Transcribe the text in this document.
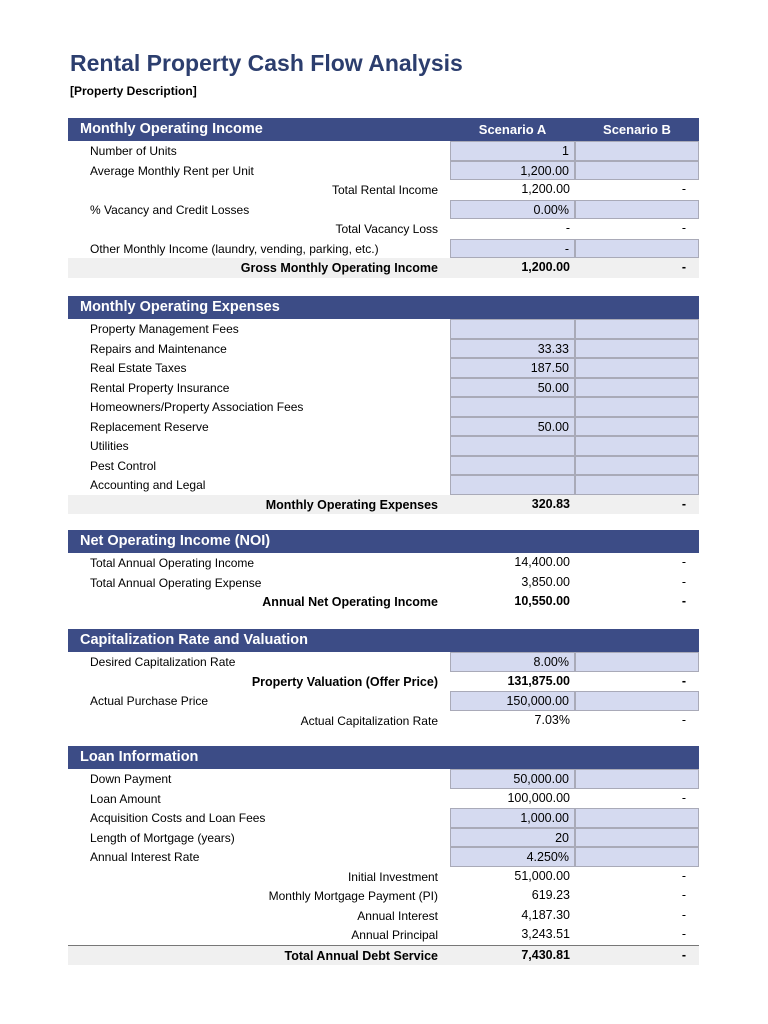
Rental Property Cash Flow Analysis
[Property Description]
Monthly Operating Income	Scenario A	Scenario B
Number of Units	1
Average Monthly Rent per Unit	1,200.00
Total Rental Income	1,200.00	-
% Vacancy and Credit Losses	0.00%
Total Vacancy Loss	-	-
Other Monthly Income (laundry, vending, parking, etc.)	-
Gross Monthly Operating Income	1,200.00	-
Monthly Operating Expenses
Property Management Fees
Repairs and Maintenance	33.33
Real Estate Taxes	187.50
Rental Property Insurance	50.00
Homeowners/Property Association Fees
Replacement Reserve	50.00
Utilities
Pest Control
Accounting and Legal
Monthly Operating Expenses	320.83	-
Net Operating Income (NOI)
Total Annual Operating Income	14,400.00	-
Total Annual Operating Expense	3,850.00	-
Annual Net Operating Income	10,550.00	-
Capitalization Rate and Valuation
Desired Capitalization Rate	8.00%
Property Valuation (Offer Price)	131,875.00	-
Actual Purchase Price	150,000.00
Actual Capitalization Rate	7.03%	-
Loan Information
Down Payment	50,000.00
Loan Amount	100,000.00	-
Acquisition Costs and Loan Fees	1,000.00
Length of Mortgage (years)	20
Annual Interest Rate	4.250%
Initial Investment	51,000.00	-
Monthly Mortgage Payment (PI)	619.23	-
Annual Interest	4,187.30	-
Annual Principal	3,243.51	-
Total Annual Debt Service	7,430.81	-
